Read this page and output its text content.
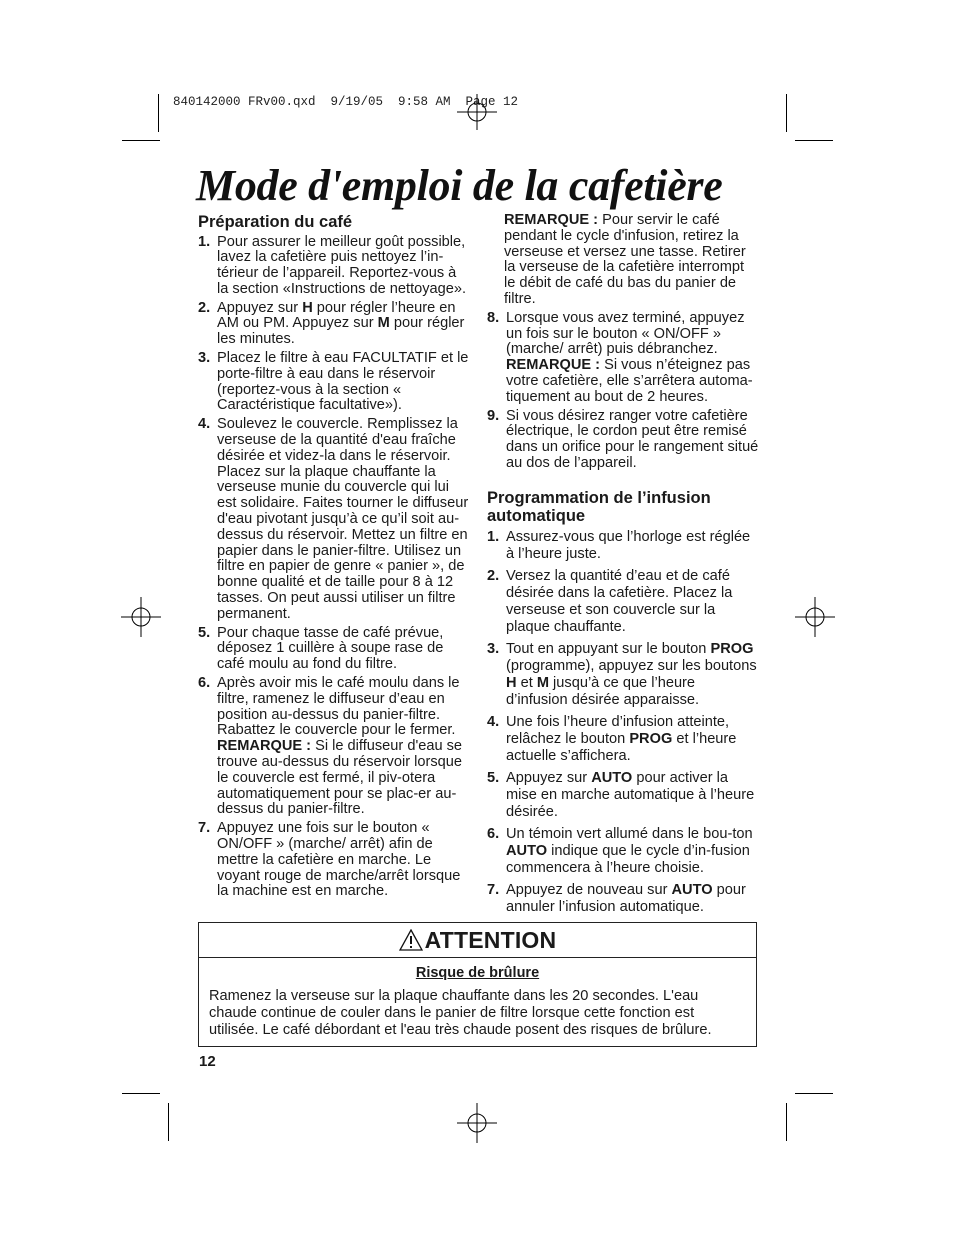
840142000 FRv00.qxd  9/19/05  9:58 AM  Page 12
Mode d'emploi de la cafetière
Préparation du café
1. Pour assurer le meilleur goût possible, lavez la cafetière puis nettoyez l’in-térieur de l’appareil. Reportez-vous à la section «Instructions de nettoyage».
2. Appuyez sur H pour régler l’heure en AM ou PM. Appuyez sur M pour régler les minutes.
3. Placez le filtre à eau FACULTATIF et le porte-filtre à eau dans le réservoir (reportez-vous à la section « Caractéristique facultative»).
4. Soulevez le couvercle. Remplissez la verseuse de la quantité d'eau fraîche désirée et videz-la dans le réservoir. Placez sur la plaque chauffante la verseuse munie du couvercle qui lui est solidaire. Faites tourner le diffuseur d'eau pivotant jusqu’à ce qu’il soit au-dessus du réservoir. Mettez un filtre en papier dans le panier-filtre. Utilisez un filtre en papier de genre « panier », de bonne qualité et de taille pour 8 à 12 tasses. On peut aussi utiliser un filtre permanent.
5. Pour chaque tasse de café prévue, déposez 1 cuillère à soupe rase de café moulu au fond du filtre.
6. Après avoir mis le café moulu dans le filtre, ramenez le diffuseur d’eau en position au-dessus du panier-filtre. Rabattez le couvercle pour le fermer.
REMARQUE : Si le diffuseur d'eau se trouve au-dessus du réservoir lorsque le couvercle est fermé, il piv-otera automatiquement pour se plac-er au-dessus du panier-filtre.
7. Appuyez une fois sur le bouton « ON/OFF » (marche/ arrêt) afin de mettre la cafetière en marche. Le voyant rouge de marche/arrêt lorsque la machine est en marche.
REMARQUE : Pour servir le café pendant le cycle d'infusion, retirez la verseuse et versez une tasse. Retirer la verseuse de la cafetière interrompt le débit de café du bas du panier de filtre.
8. Lorsque vous avez terminé, appuyez un fois sur le bouton « ON/OFF » (marche/ arrêt) puis débranchez.
REMARQUE : Si vous n’éteignez pas votre cafetière, elle s’arrêtera automa-tiquement au bout de 2 heures.
9. Si vous désirez ranger votre cafetière électrique, le cordon peut être remisé dans un orifice pour le rangement situé au dos de l’appareil.
Programmation de l’infusion automatique
1. Assurez-vous que l’horloge est réglée à l’heure juste.
2. Versez la quantité d’eau et de café désirée dans la cafetière. Placez la verseuse et son couvercle sur la plaque chauffante.
3. Tout en appuyant sur le bouton PROG (programme), appuyez sur les boutons H et M jusqu’à ce que l’heure d’infusion désirée apparaisse.
4. Une fois l’heure d’infusion atteinte, relâchez le bouton PROG et l’heure actuelle s’affichera.
5. Appuyez sur AUTO pour activer la mise en marche automatique à l’heure désirée.
6. Un témoin vert allumé dans le bou-ton AUTO indique que le cycle d’in-fusion commencera à l’heure choisie.
7. Appuyez de nouveau sur AUTO pour annuler l’infusion automatique.
ATTENTION
Risque de brûlure
Ramenez la verseuse sur la plaque chauffante dans les 20 secondes. L'eau chaude continue de couler dans le panier de filtre lorsque cette fonction est utilisée. Le café débordant et l'eau très chaude posent des risques de brûlure.
12
